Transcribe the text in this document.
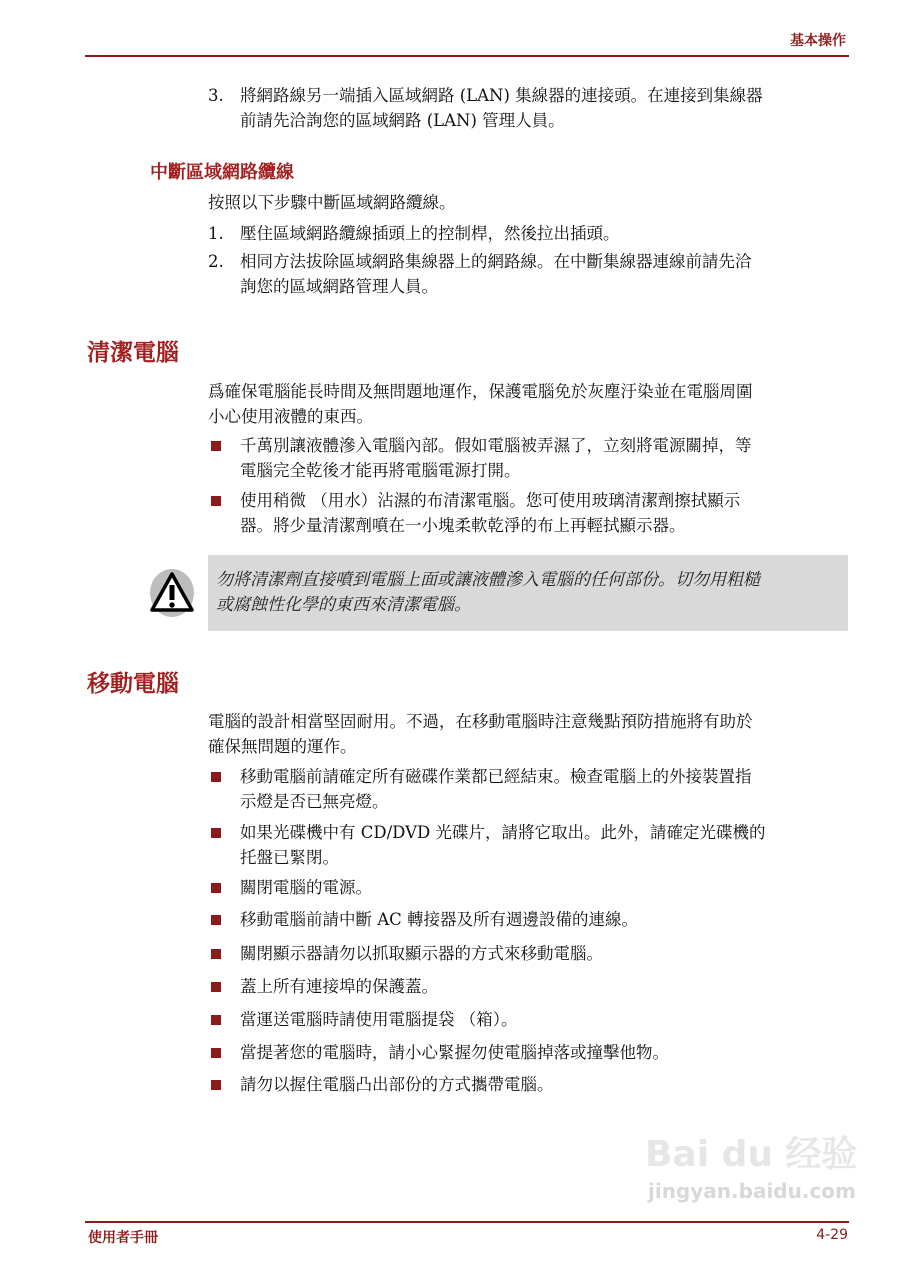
基本操作
3. 將網路線另一端插入區域網路 (LAN) 集線器的連接頭。在連接到集線器
前請先洽詢您的區域網路 (LAN) 管理人員。
中斷區域網路纜線
按照以下步驟中斷區域網路纜線。
1. 壓住區域網路纜線插頭上的控制桿，然後拉出插頭。
2. 相同方法拔除區域網路集線器上的網路線。在中斷集線器連線前請先洽
詢您的區域網路管理人員。
清潔電腦
爲確保電腦能長時間及無問題地運作，保護電腦免於灰塵汙染並在電腦周圍
小心使用液體的東西。
千萬別讓液體滲入電腦內部。假如電腦被弄濕了，立刻將電源關掉，等
電腦完全乾後才能再將電腦電源打開。
使用稍微 （用水）沾濕的布清潔電腦。您可使用玻璃清潔劑擦拭顯示
器。將少量清潔劑噴在一小塊柔軟乾淨的布上再輕拭顯示器。
勿將清潔劑直接噴到電腦上面或讓液體滲入電腦的任何部份。切勿用粗糙
或腐蝕性化學的東西來清潔電腦。
移動電腦
電腦的設計相當堅固耐用。不過，在移動電腦時注意幾點預防措施將有助於
確保無問題的運作。
移動電腦前請確定所有磁碟作業都已經結束。檢查電腦上的外接裝置指
示燈是否已無亮燈。
如果光碟機中有 CD/DVD 光碟片，請將它取出。此外，請確定光碟機的
托盤已緊閉。
關閉電腦的電源。
移動電腦前請中斷 AC 轉接器及所有週邊設備的連線。
關閉顯示器請勿以抓取顯示器的方式來移動電腦。
蓋上所有連接埠的保護蓋。
當運送電腦時請使用電腦提袋 （箱）。
當提著您的電腦時，請小心緊握勿使電腦掉落或撞擊他物。
請勿以握住電腦凸出部份的方式攜帶電腦。
Bai du 经验
jingyan.baidu.com
使用者手冊	4-29
